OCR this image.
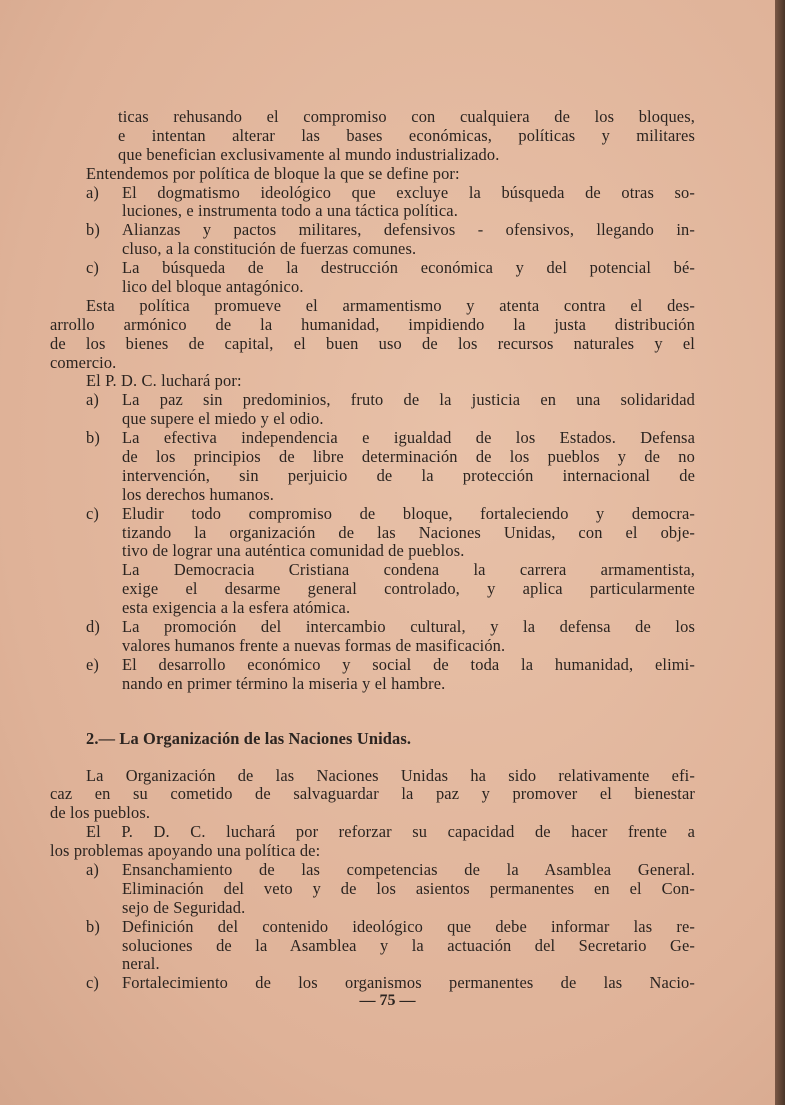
ticas rehusando el compromiso con cualquiera de los bloques,
e intentan alterar las bases económicas, políticas y militares
que benefician exclusivamente al mundo industrializado.
Entendemos por política de bloque la que se define por:
a)	El dogmatismo ideológico que excluye la búsqueda de otras so-
luciones, e instrumenta todo a una táctica política.
b)	Alianzas y pactos militares, defensivos - ofensivos, llegando in-
cluso, a la constitución de fuerzas comunes.
c)	La búsqueda de la destrucción económica y del potencial bé-
lico del bloque antagónico.
Esta política promueve el armamentismo y atenta contra el des-
arrollo armónico de la humanidad, impidiendo la justa distribución
de los bienes de capital, el buen uso de los recursos naturales y el
comercio.
El P. D. C. luchará por:
a)	La paz sin predominios, fruto de la justicia en una solidaridad
que supere el miedo y el odio.
b)	La efectiva independencia e igualdad de los Estados. Defensa
de los principios de libre determinación de los pueblos y de no
intervención, sin perjuicio de la protección internacional de
los derechos humanos.
c)	Eludir todo compromiso de bloque, fortaleciendo y democra-
tizando la organización de las Naciones Unidas, con el obje-
tivo de lograr una auténtica comunidad de pueblos.
La Democracia Cristiana condena la carrera armamentista,
exige el desarme general controlado, y aplica particularmente
esta exigencia a la esfera atómica.
d)	La promoción del intercambio cultural, y la defensa de los
valores humanos frente a nuevas formas de masificación.
e)	El desarrollo económico y social de toda la humanidad, elimi-
nando en primer término la miseria y el hambre.
2.— La Organización de las Naciones Unidas.
La Organización de las Naciones Unidas ha sido relativamente efi-
caz en su cometido de salvaguardar la paz y promover el bienestar
de los pueblos.
El P. D. C. luchará por reforzar su capacidad de hacer frente a
los problemas apoyando una política de:
a)	Ensanchamiento de las competencias de la Asamblea General.
Eliminación del veto y de los asientos permanentes en el Con-
sejo de Seguridad.
b)	Definición del contenido ideológico que debe informar las re-
soluciones de la Asamblea y la actuación del Secretario Ge-
neral.
c)	Fortalecimiento de los organismos permanentes de las Nacio-
— 75 —
